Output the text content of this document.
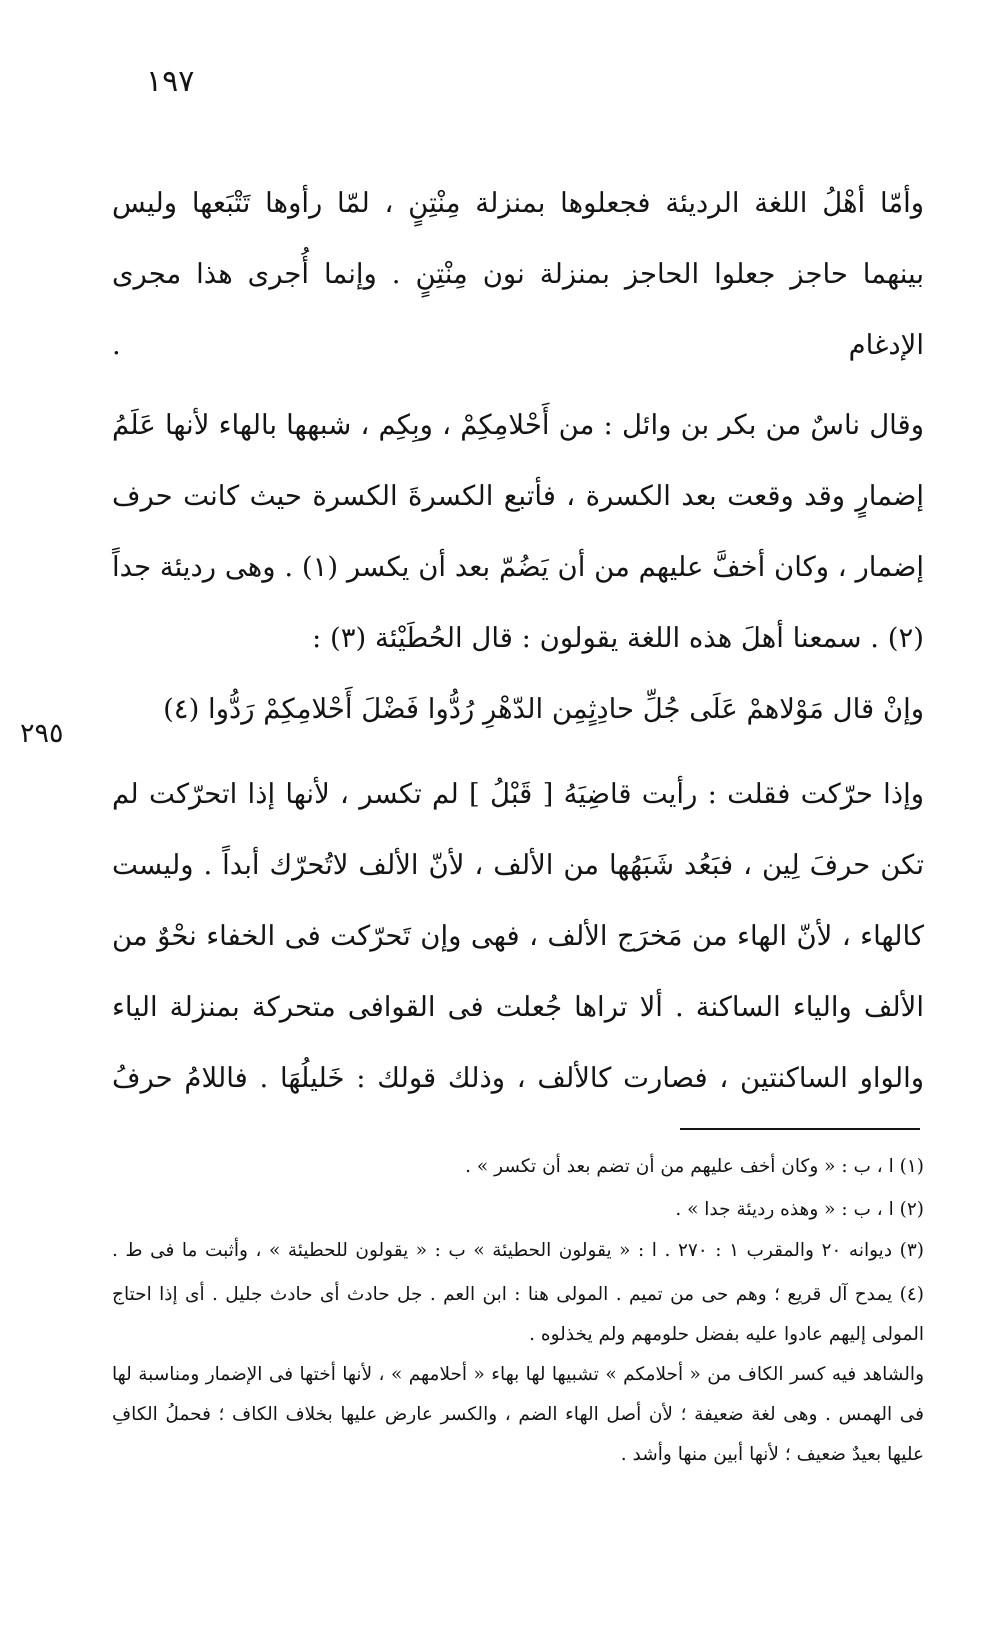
١٩٧

وأمّا أهْلُ اللغة الرديئة فجعلوها بمنزلة مِنْتِنٍ ، لمّا رأوها تَتْبَعها وليس بينهما حاجز جعلوا الحاجز بمنزلة نون مِنْتِنٍ . وإنما أُجرى هذا مجرى الإدغام .

وقال ناسٌ من بكر بن وائل : من أَحْلامِكِمْ ، وبِكِم ، شبهها بالهاء لأنها عَلَمُ إضمارٍ وقد وقعت بعد الكسرة ، فأتبع الكسرةَ الكسرة حيث كانت حرف إضمار ، وكان أخفَّ عليهم من أن يَضُمّ بعد أن يكسر (١) . وهى رديئة جداً (٢) . سمعنا أهلَ هذه اللغة يقولون : قال الحُطَيْئة (٣) :

وإنْ قال مَوْلاهمْ عَلَى جُلِّ حادِثٍمِن الدّهْرِ رُدُّوا فَضْلَ أَحْلامِكِمْ رَدُّوا (٤)

وإذا حرّكت فقلت : رأيت قاضِيَهُ [ قَبْلُ ] لم تكسر ، لأنها إذا اتحرّكت لم تكن حرفَ لِين ، فبَعُد شَبَهُها من الألف ، لأنّ الألف لاتُحرّك أبداً . وليست كالهاء ، لأنّ الهاء من مَخرَج الألف ، فهى وإن تَحرّكت فى الخفاء نحْوٌ من الألف والياء الساكنة . ألا تراها جُعلت فى القوافى متحركة بمنزلة الياء والواو الساكنتين ، فصارت كالألف ، وذلك قولك : خَليلُهَا . فاللامُ حرفُ

٢٩٥

(١) ا ، ب : « وكان أخف عليهم من أن تضم بعد أن تكسر » .

(٢) ا ، ب : « وهذه رديئة جدا » .

(٣) ديوانه ٢٠ والمقرب ١ : ٢٧٠ . ا : « يقولون الحطيئة » ب : « يقولون للحطيئة » ، وأثبت ما فى ط .

(٤) يمدح آل قريع ؛ وهم حى من تميم . المولى هنا : ابن العم . جل حادث أى حادث جليل . أى إذا احتاج المولى إليهم عادوا عليه بفضل حلومهم ولم يخذلوه .

والشاهد فيه كسر الكاف من « أحلامكم » تشبيها لها بهاء « أحلامهم » ، لأنها أختها فى الإضمار ومناسبة لها فى الهمس . وهى لغة ضعيفة ؛ لأن أصل الهاء الضم ، والكسر عارض عليها بخلاف الكاف ؛ فحملُ الكافِ عليها بعيدٌ ضعيف ؛ لأنها أبين منها وأشد .
